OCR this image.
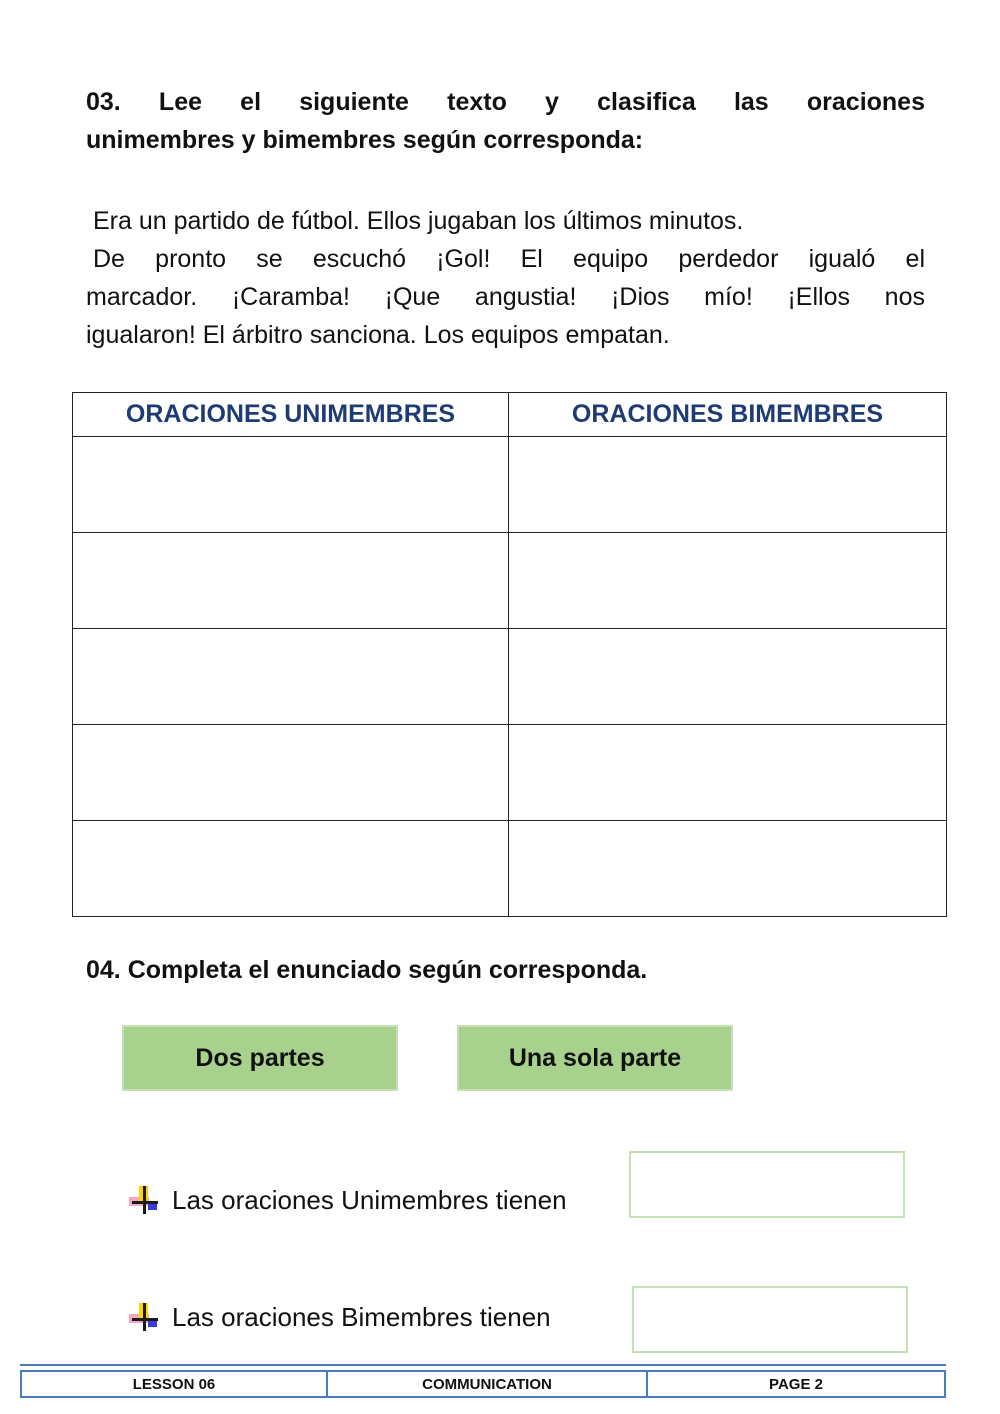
03. Lee el siguiente texto y clasifica las oraciones
unimembres y bimembres según corresponda:
Era un partido de fútbol. Ellos jugaban los últimos minutos.
De pronto se escuchó ¡Gol! El equipo perdedor igualó el
marcador. ¡Caramba! ¡Que angustia! ¡Dios mío! ¡Ellos nos
igualaron! El árbitro sanciona. Los equipos empatan.
ORACIONES UNIMEMBRES	ORACIONES BIMEMBRES

04. Completa el enunciado según corresponda.
Dos partes	Una sola parte
Las oraciones Unimembres tienen
Las oraciones Bimembres tienen
LESSON 06	COMMUNICATION	PAGE 2
